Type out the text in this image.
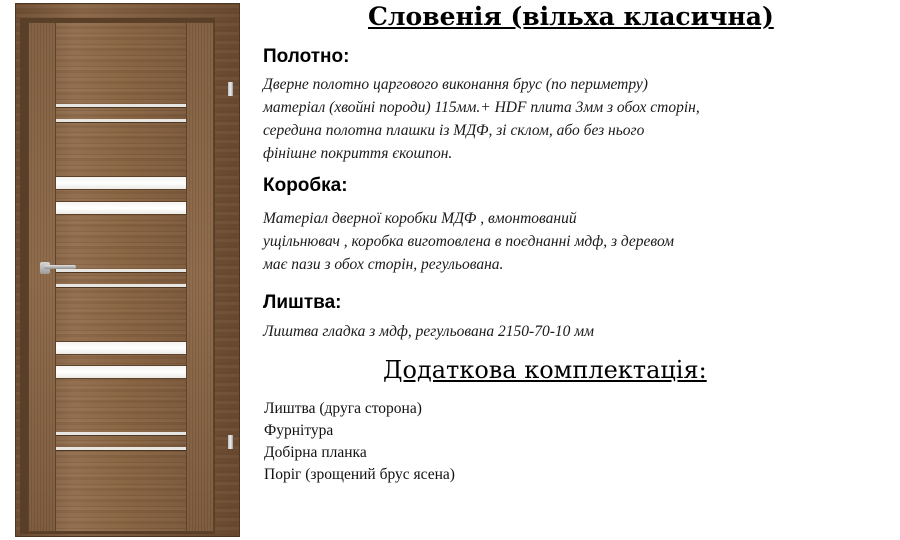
Словенія (вільха класична)
Полотно:
Дверне полотно царгового виконання брус (по периметру)
матеріал (хвойні породи) 115мм.+ HDF плита 3мм з обох сторін,
середина полотна плашки із МДФ, зі склом, або без нього
фінішне покриття єкошпон.
Коробка:
Матеріал дверної коробки МДФ , вмонтований
ущільнювач , коробка виготовлена в поєднанні мдф, з деревом
має пази з обох сторін, регульована.
Лиштва:
Лиштва гладка з мдф, регульована 2150-70-10 мм
Додаткова комплектація:
Лиштва (друга сторона)
Фурнітура
Добірна планка
Поріг (зрощений брус ясена)
